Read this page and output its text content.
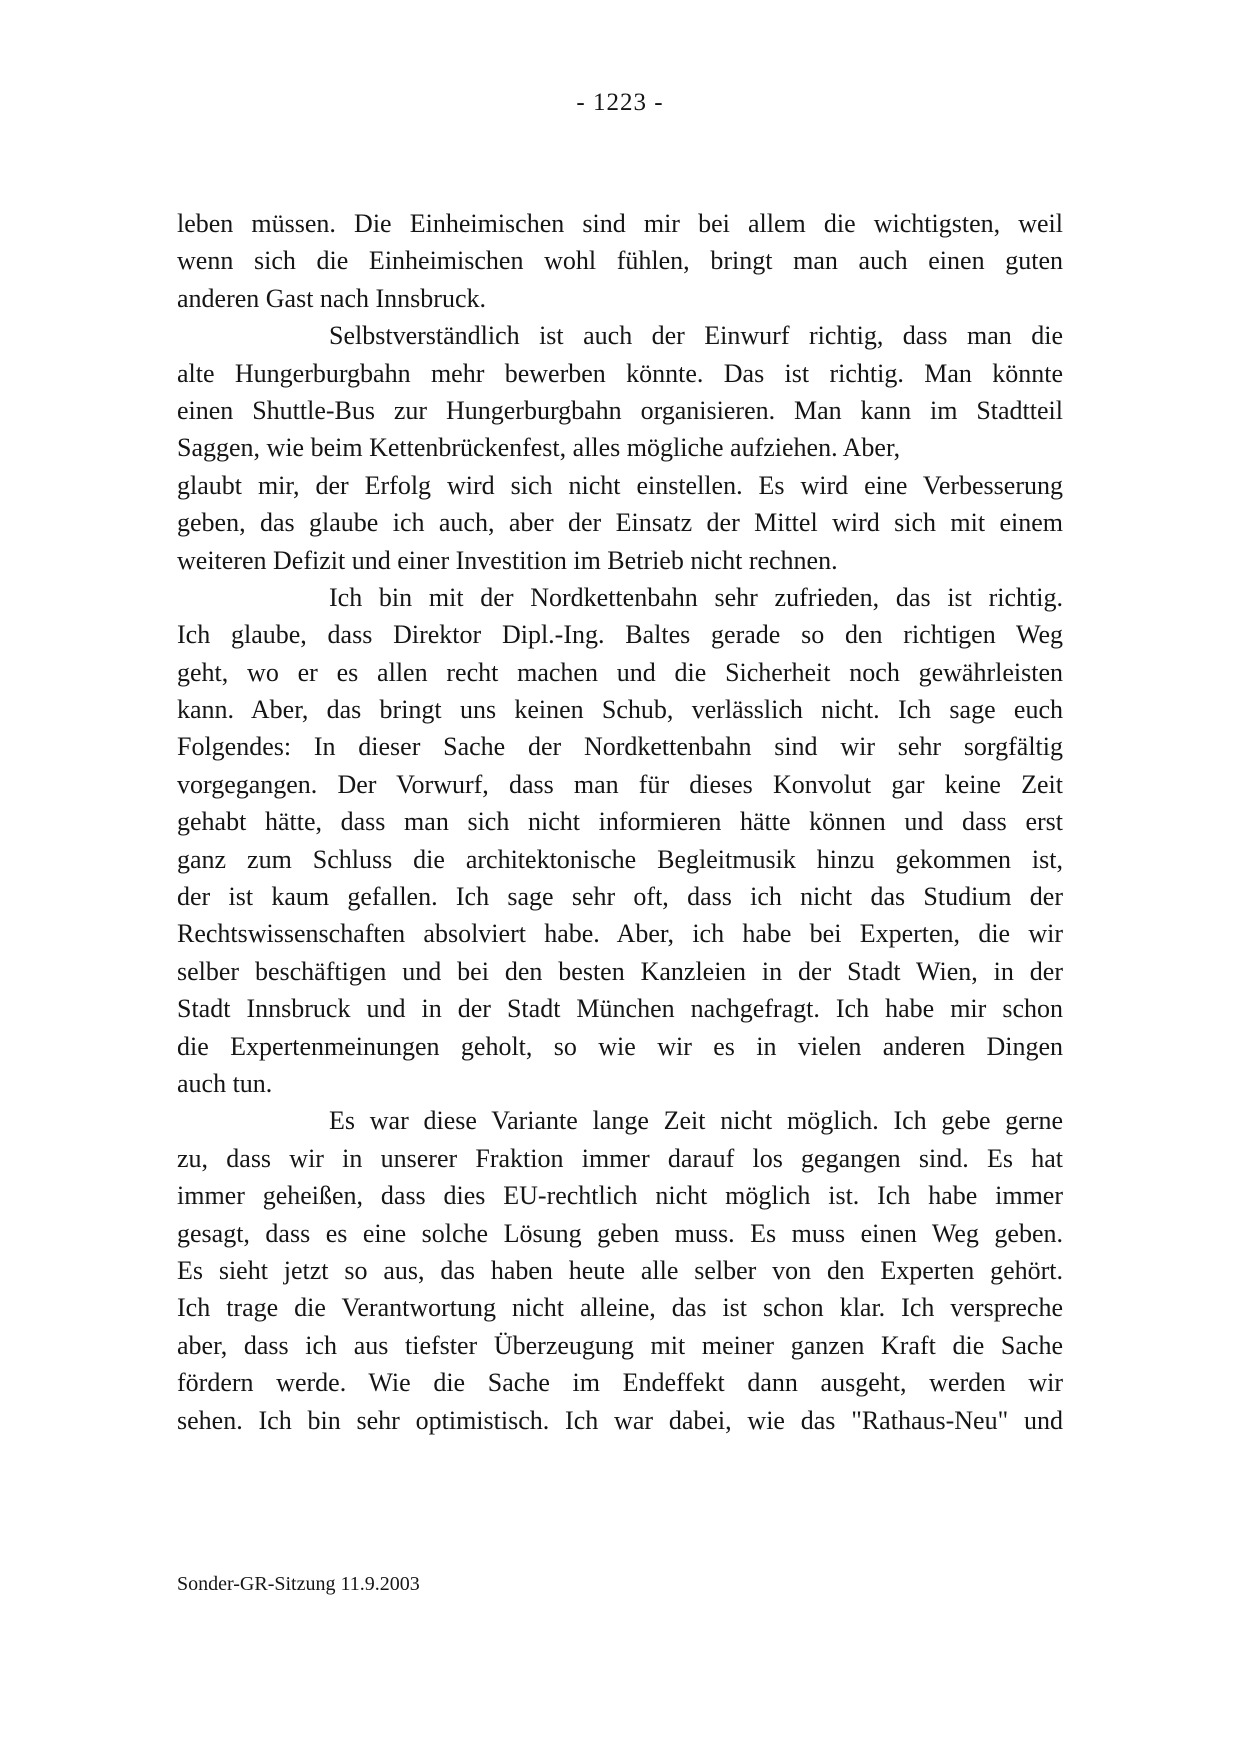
- 1223 -
leben müssen. Die Einheimischen sind mir bei allem die wichtigsten, weil
wenn sich die Einheimischen wohl fühlen, bringt man auch einen guten
anderen Gast nach Innsbruck.
Selbstverständlich ist auch der Einwurf richtig, dass man die
alte Hungerburgbahn mehr bewerben könnte. Das ist richtig. Man könnte
einen Shuttle-Bus zur Hungerburgbahn organisieren. Man kann im Stadtteil
Saggen, wie beim Kettenbrückenfest, alles mögliche aufziehen. Aber,
glaubt mir, der Erfolg wird sich nicht einstellen. Es wird eine Verbesserung
geben, das glaube ich auch, aber der Einsatz der Mittel wird sich mit einem
weiteren Defizit und einer Investition im Betrieb nicht rechnen.
Ich bin mit der Nordkettenbahn sehr zufrieden, das ist richtig.
Ich glaube, dass Direktor Dipl.-Ing. Baltes gerade so den richtigen Weg
geht, wo er es allen recht machen und die Sicherheit noch gewährleisten
kann. Aber, das bringt uns keinen Schub, verlässlich nicht. Ich sage euch
Folgendes: In dieser Sache der Nordkettenbahn sind wir sehr sorgfältig
vorgegangen. Der Vorwurf, dass man für dieses Konvolut gar keine Zeit
gehabt hätte, dass man sich nicht informieren hätte können und dass erst
ganz zum Schluss die architektonische Begleitmusik hinzu gekommen ist,
der ist kaum gefallen. Ich sage sehr oft, dass ich nicht das Studium der
Rechtswissenschaften absolviert habe. Aber, ich habe bei Experten, die wir
selber beschäftigen und bei den besten Kanzleien in der Stadt Wien, in der
Stadt Innsbruck und in der Stadt München nachgefragt. Ich habe mir schon
die Expertenmeinungen geholt, so wie wir es in vielen anderen Dingen
auch tun.
Es war diese Variante lange Zeit nicht möglich. Ich gebe gerne
zu, dass wir in unserer Fraktion immer darauf los gegangen sind. Es hat
immer geheißen, dass dies EU-rechtlich nicht möglich ist. Ich habe immer
gesagt, dass es eine solche Lösung geben muss. Es muss einen Weg geben.
Es sieht jetzt so aus, das haben heute alle selber von den Experten gehört.
Ich trage die Verantwortung nicht alleine, das ist schon klar. Ich verspreche
aber, dass ich aus tiefster Überzeugung mit meiner ganzen Kraft die Sache
fördern werde. Wie die Sache im Endeffekt dann ausgeht, werden wir
sehen. Ich bin sehr optimistisch. Ich war dabei, wie das "Rathaus-Neu" und
Sonder-GR-Sitzung 11.9.2003
